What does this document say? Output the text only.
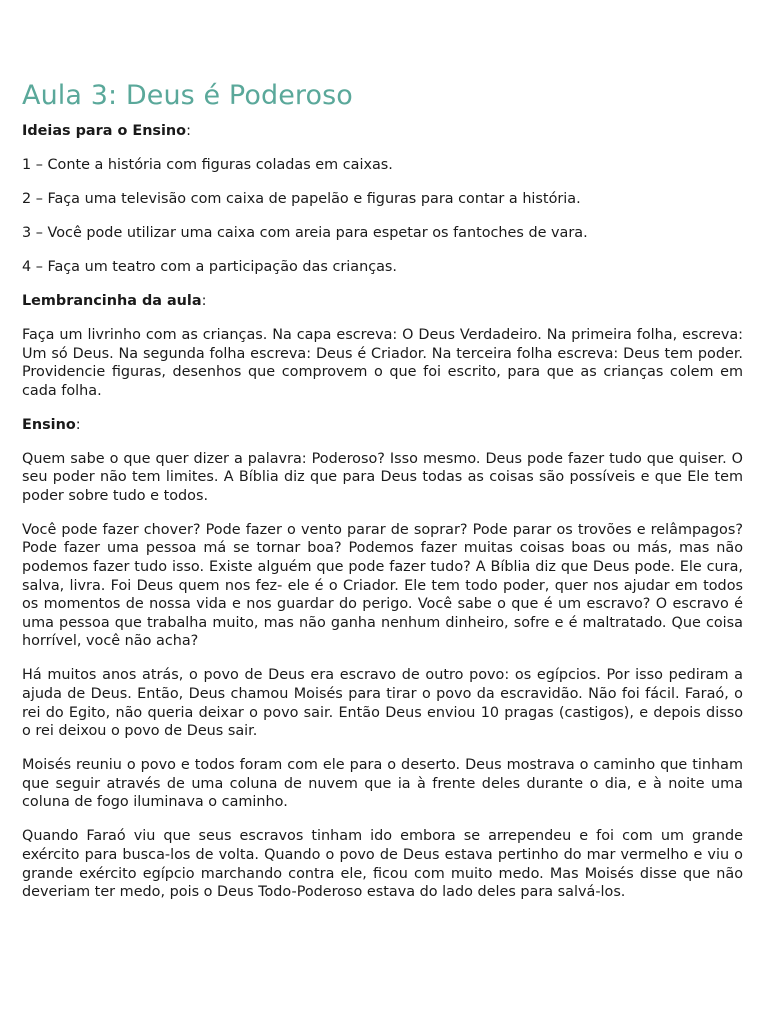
Aula 3: Deus é Poderoso

Ideias para o Ensino:

1 – Conte a história com figuras coladas em caixas.

2 – Faça uma televisão com caixa de papelão e figuras para contar a história.

3 – Você pode utilizar uma caixa com areia para espetar os fantoches de vara.

4 – Faça um teatro com a participação das crianças.

Lembrancinha da aula:

Faça um livrinho com as crianças. Na capa escreva: O Deus Verdadeiro. Na primeira folha, escreva: Um só Deus. Na segunda folha escreva: Deus é Criador. Na terceira folha escreva: Deus tem poder. Providencie figuras, desenhos que comprovem o que foi escrito, para que as crianças colem em cada folha.

Ensino:

Quem sabe o que quer dizer a palavra: Poderoso? Isso mesmo. Deus pode fazer tudo que quiser. O seu poder não tem limites. A Bíblia diz que para Deus todas as coisas são possíveis e que Ele tem poder sobre tudo e todos.

Você pode fazer chover? Pode fazer o vento parar de soprar? Pode parar os trovões e relâmpagos? Pode fazer uma pessoa má se tornar boa? Podemos fazer muitas coisas boas ou más, mas não podemos fazer tudo isso. Existe alguém que pode fazer tudo? A Bíblia diz que Deus pode. Ele cura, salva, livra. Foi Deus quem nos fez- ele é o Criador. Ele tem todo poder, quer nos ajudar em todos os momentos de nossa vida e nos guardar do perigo. Você sabe o que é um escravo? O escravo é uma pessoa que trabalha muito, mas não ganha nenhum dinheiro, sofre e é maltratado. Que coisa horrível, você não acha?

Há muitos anos atrás, o povo de Deus era escravo de outro povo: os egípcios. Por isso pediram a ajuda de Deus. Então, Deus chamou Moisés para tirar o povo da escravidão. Não foi fácil. Faraó, o rei do Egito, não queria deixar o povo sair. Então Deus enviou 10 pragas (castigos), e depois disso o rei deixou o povo de Deus sair.

Moisés reuniu o povo e todos foram com ele para o deserto. Deus mostrava o caminho que tinham que seguir através de uma coluna de nuvem que ia à frente deles durante o dia, e à noite uma coluna de fogo iluminava o caminho.

Quando Faraó viu que seus escravos tinham ido embora se arrependeu e foi com um grande exército para busca-los de volta. Quando o povo de Deus estava pertinho do mar vermelho e viu o grande exército egípcio marchando contra ele, ficou com muito medo. Mas Moisés disse que não deveriam ter medo, pois o Deus Todo-Poderoso estava do lado deles para salvá-los.
